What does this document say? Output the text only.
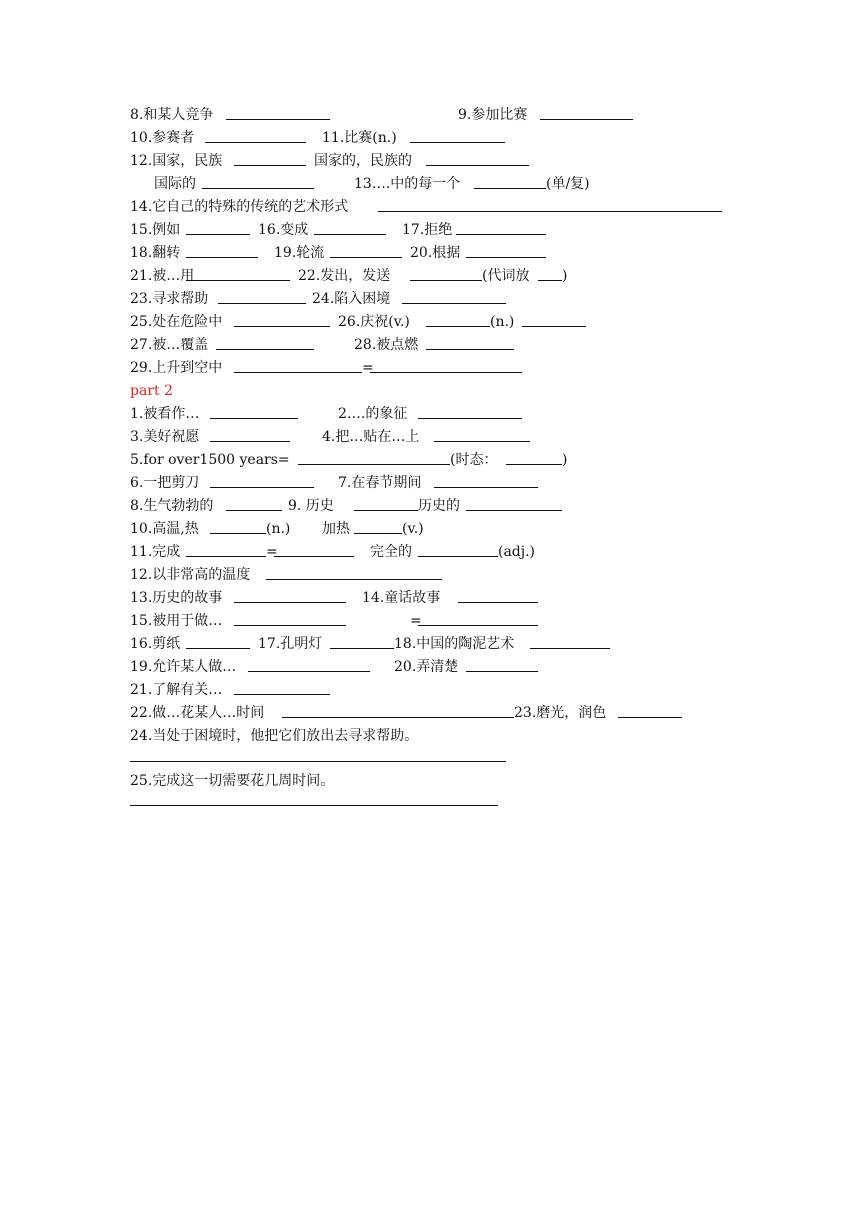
8.和某人竞争	9.参加比赛
10.参赛者	11.比赛(n.)
12.国家，民族	国家的，民族的
国际的	13….中的每一个	(单/复)
14.它自己的特殊的传统的艺术形式
15.例如	16.变成	17.拒绝
18.翻转	19.轮流	20.根据
21.被…用	22.发出，发送	(代词放 )
23.寻求帮助	24.陷入困境
25.处在危险中	26.庆祝(v.)	(n.)
27.被…覆盖	28.被点燃
29.上升到空中	=
part 2
1.被看作…	2….的象征
3.美好祝愿	4.把…贴在…上
5.for over1500 years=	(时态：	)
6.一把剪刀	7.在春节期间
8.生气勃勃的	9. 历史	历史的
10.高温,热	(n.) 加热	(v.)
11.完成	=	完全的	(adj.)
12.以非常高的温度
13.历史的故事	14.童话故事
15.被用于做…	=
16.剪纸	17.孔明灯	18.中国的陶泥艺术
19.允许某人做…	20.弄清楚
21.了解有关…
22.做…花某人…时间	23.磨光，润色
24.当处于困境时，他把它们放出去寻求帮助。
25.完成这一切需要花几周时间。
